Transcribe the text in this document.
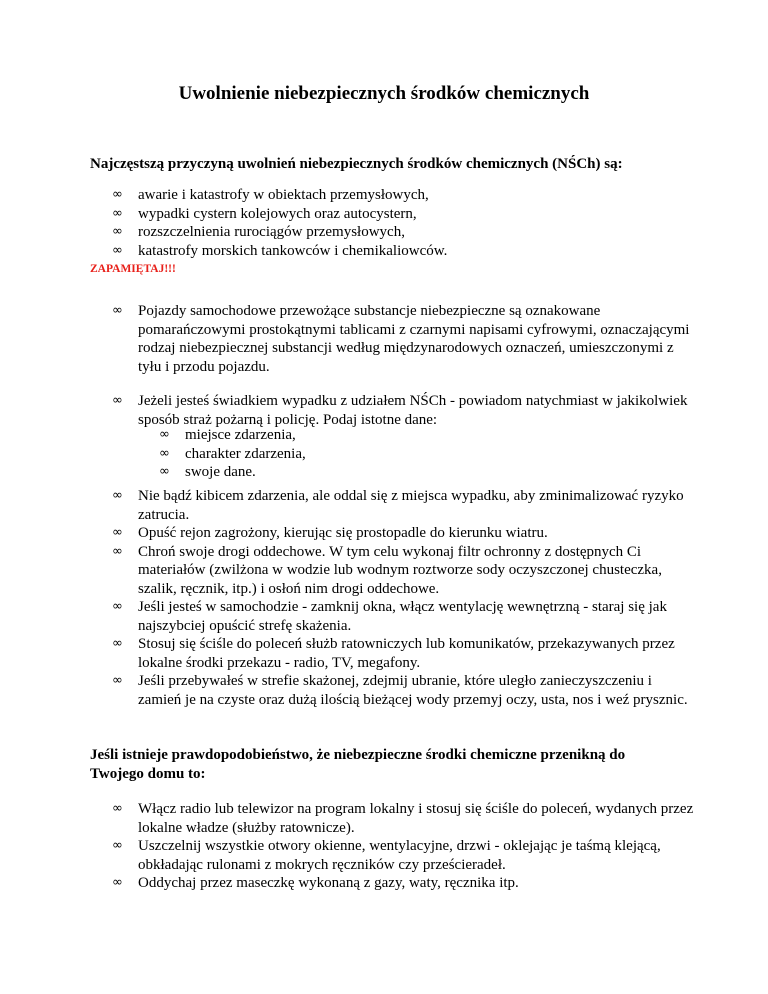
Uwolnienie niebezpiecznych środków chemicznych

Najczęstszą przyczyną uwolnień niebezpiecznych środków chemicznych (NŚCh) są:

∞ awarie i katastrofy w obiektach przemysłowych,
∞ wypadki cystern kolejowych oraz autocystern,
∞ rozszczelnienia rurociągów przemysłowych,
∞ katastrofy morskich tankowców i chemikaliowców.

ZAPAMIĘTAJ!!!

∞ Pojazdy samochodowe przewożące substancje niebezpieczne są oznakowane pomarańczowymi prostokątnymi tablicami z czarnymi napisami cyfrowymi, oznaczającymi rodzaj niebezpiecznej substancji według międzynarodowych oznaczeń, umieszczonymi z tyłu i przodu pojazdu.
∞ Jeżeli jesteś świadkiem wypadku z udziałem NŚCh - powiadom natychmiast w jakikolwiek sposób straż pożarną i policję. Podaj istotne dane:
∞ miejsce zdarzenia,
∞ charakter zdarzenia,
∞ swoje dane.
∞ Nie bądź kibicem zdarzenia, ale oddal się z miejsca wypadku, aby zminimalizować ryzyko zatrucia.
∞ Opuść rejon zagrożony, kierując się prostopadle do kierunku wiatru.
∞ Chroń swoje drogi oddechowe. W tym celu wykonaj filtr ochronny z dostępnych Ci materiałów (zwilżona w wodzie lub wodnym roztworze sody oczyszczonej chusteczka, szalik, ręcznik, itp.) i osłoń nim drogi oddechowe.
∞ Jeśli jesteś w samochodzie - zamknij okna, włącz wentylację wewnętrzną - staraj się jak najszybciej opuścić strefę skażenia.
∞ Stosuj się ściśle do poleceń służb ratowniczych lub komunikatów, przekazywanych przez lokalne środki przekazu - radio, TV, megafony.
∞ Jeśli przebywałeś w strefie skażonej, zdejmij ubranie, które uległo zanieczyszczeniu i zamień je na czyste oraz dużą ilością bieżącej wody przemyj oczy, usta, nos i weź prysznic.

Jeśli istnieje prawdopodobieństwo, że niebezpieczne środki chemiczne przenikną do Twojego domu to:

∞ Włącz radio lub telewizor na program lokalny i stosuj się ściśle do poleceń, wydanych przez lokalne władze (służby ratownicze).
∞ Uszczelnij wszystkie otwory okienne, wentylacyjne, drzwi - oklejając je taśmą klejącą, obkładając rulonami z mokrych ręczników czy prześcieradeł.
∞ Oddychaj przez maseczkę wykonaną z gazy, waty, ręcznika itp.
